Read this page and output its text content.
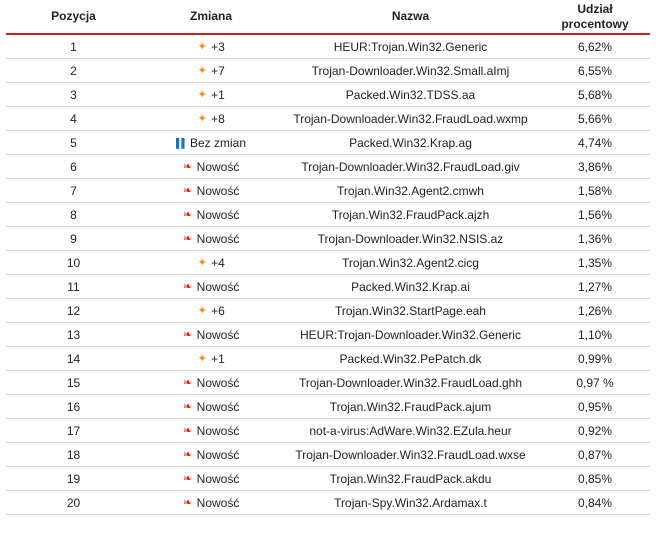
Pozycja	Zmiana	Nazwa	Udział
procentowy

1	✦ +3	HEUR:Trojan.Win32.Generic	6,62%
2	✦ +7	Trojan-Downloader.Win32.Small.aImj	6,55%
3	✦ +1	Packed.Win32.TDSS.aa	5,68%
4	✦ +8	Trojan-Downloader.Win32.FraudLoad.wxmp	5,66%
5	▌▌ Bez zmian	Packed.Win32.Krap.ag	4,74%
6	❧ Nowość	Trojan-Downloader.Win32.FraudLoad.giv	3,86%
7	❧ Nowość	Trojan.Win32.Agent2.cmwh	1,58%
8	❧ Nowość	Trojan.Win32.FraudPack.ajzh	1,56%
9	❧ Nowość	Trojan-Downloader.Win32.NSIS.az	1,36%
10	✦ +4	Trojan.Win32.Agent2.cicg	1,35%
11	❧ Nowość	Packed.Win32.Krap.ai	1,27%
12	✦ +6	Trojan.Win32.StartPage.eah	1,26%
13	❧ Nowość	HEUR:Trojan-Downloader.Win32.Generic	1,10%
14	✦ +1	Packed.Win32.PePatch.dk	0,99%
15	❧ Nowość	Trojan-Downloader.Win32.FraudLoad.ghh	0,97 %
16	❧ Nowość	Trojan.Win32.FraudPack.ajum	0,95%
17	❧ Nowość	not-a-virus:AdWare.Win32.EZula.heur	0,92%
18	❧ Nowość	Trojan-Downloader.Win32.FraudLoad.wxse	0,87%
19	❧ Nowość	Trojan.Win32.FraudPack.akdu	0,85%
20	❧ Nowość	Trojan-Spy.Win32.Ardamax.t	0,84%
